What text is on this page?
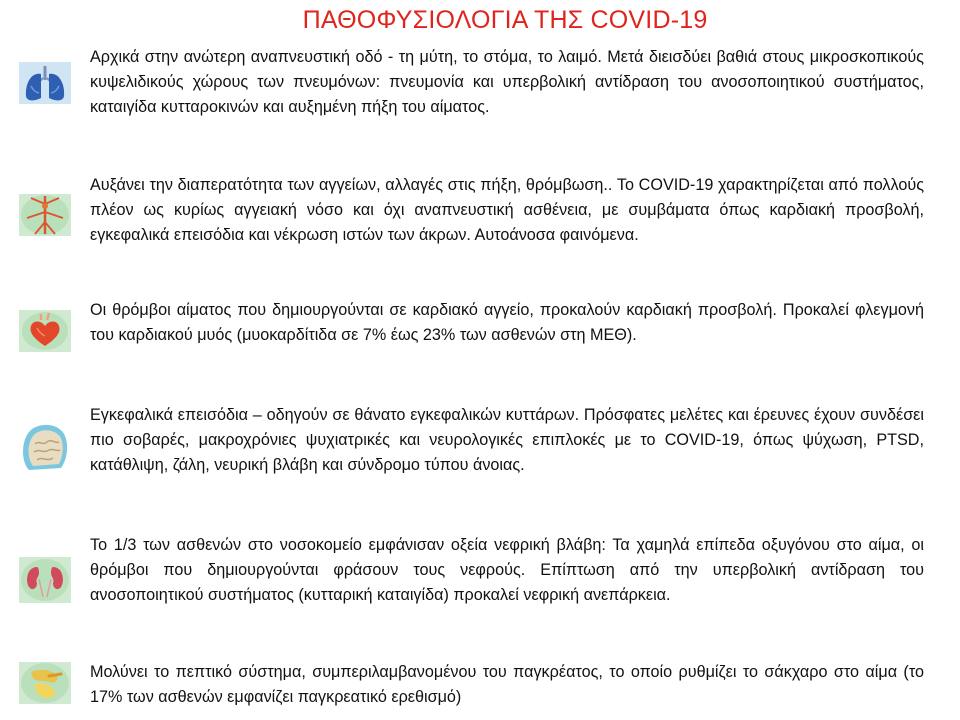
ΠΑΘΟΦΥΣΙΟΛΟΓΙΑ ΤΗΣ COVID-19

Αρχικά στην ανώτερη αναπνευστική οδό - τη μύτη, το στόμα, το λαιμό. Μετά διεισδύει βαθιά στους μικροσκοπικούς κυψελιδικούς χώρους των πνευμόνων: πνευμονία και υπερβολική αντίδραση του ανοσοποιητικού συστήματος, καταιγίδα κυτταροκινών και αυξημένη πήξη του αίματος.

Αυξάνει την διαπερατότητα των αγγείων, αλλαγές στις πήξη, θρόμβωση.. Το COVID-19 χαρακτηρίζεται από πολλούς πλέον ως κυρίως αγγειακή νόσο και όχι αναπνευστική ασθένεια, με συμβάματα όπως καρδιακή προσβολή, εγκεφαλικά επεισόδια και νέκρωση ιστών των άκρων. Αυτοάνοσα φαινόμενα.

Οι θρόμβοι αίματος που δημιουργούνται σε καρδιακό αγγείο, προκαλούν καρδιακή προσβολή. Προκαλεί φλεγμονή του καρδιακού μυός (μυοκαρδίτιδα σε 7% έως 23% των ασθενών στη ΜΕΘ).

Εγκεφαλικά επεισόδια – οδηγούν σε θάνατο εγκεφαλικών κυττάρων. Πρόσφατες μελέτες και έρευνες έχουν συνδέσει πιο σοβαρές, μακροχρόνιες ψυχιατρικές και νευρολογικές επιπλοκές με το COVID-19, όπως ψύχωση, PTSD, κατάθλιψη, ζάλη, νευρική βλάβη και σύνδρομο τύπου άνοιας.

Το 1/3 των ασθενών στο νοσοκομείο εμφάνισαν οξεία νεφρική βλάβη: Τα χαμηλά επίπεδα οξυγόνου στο αίμα, οι θρόμβοι που δημιουργούνται φράσουν τους νεφρούς. Επίπτωση από την υπερβολική αντίδραση του ανοσοποιητικού συστήματος (κυτταρική καταιγίδα) προκαλεί νεφρική ανεπάρκεια.

Μολύνει το πεπτικό σύστημα, συμπεριλαμβανομένου του παγκρέατος, το οποίο ρυθμίζει το σάκχαρο στο αίμα (το 17% των ασθενών εμφανίζει παγκρεατικό ερεθισμό)
